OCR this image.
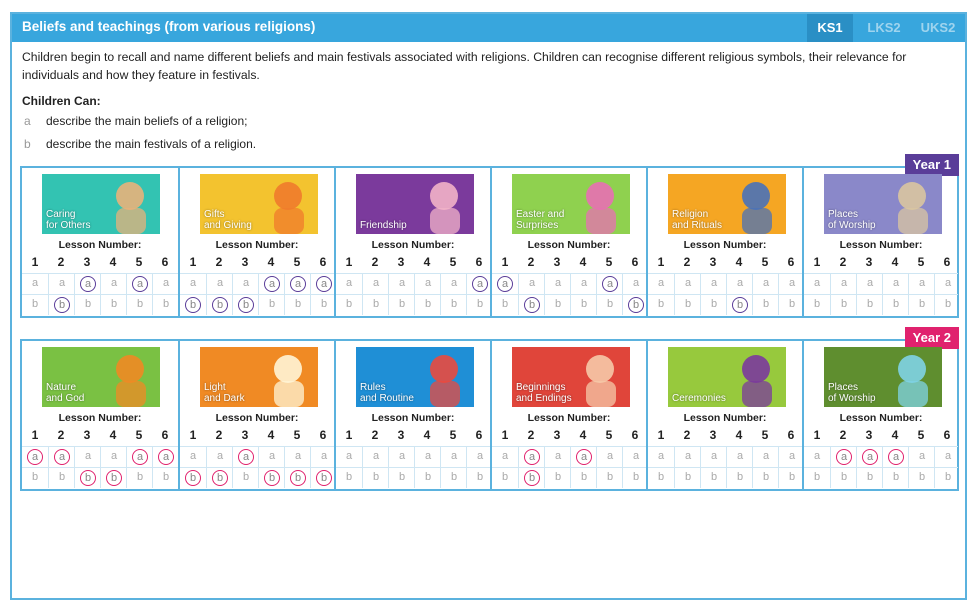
Beliefs and teachings (from various religions)	KS1	LKS2	UKS2
Children begin to recall and name different beliefs and main festivals associated with religions. Children can recognise different religious symbols, their relevance for individuals and how they feature in festivals.
Children Can:
a describe the main beliefs of a religion;
b describe the main festivals of a religion.
Year 1
Caring
for Others
Lesson Number:
1	2	3	4	5	6
a	a	a	a	a	a
b	b	b	b	b	b
Gifts
and Giving
Lesson Number:
1	2	3	4	5	6
a	a	a	a	a	a
b	b	b	b	b	b
Friendship
Lesson Number:
1	2	3	4	5	6
a	a	a	a	a	a
b	b	b	b	b	b
Easter and
Surprises
Lesson Number:
1	2	3	4	5	6
a	a	a	a	a	a
b	b	b	b	b	b
Religion
and Rituals
Lesson Number:
1	2	3	4	5	6
a	a	a	a	a	a
b	b	b	b	b	b
Places
of Worship
Lesson Number:
1	2	3	4	5	6
a	a	a	a	a	a
b	b	b	b	b	b
Year 2
Nature
and God
Lesson Number:
1	2	3	4	5	6
a	a	a	a	a	a
b	b	b	b	b	b
Light
and Dark
Lesson Number:
1	2	3	4	5	6
a	a	a	a	a	a
b	b	b	b	b	b
Rules
and Routine
Lesson Number:
1	2	3	4	5	6
a	a	a	a	a	a
b	b	b	b	b	b
Beginnings
and Endings
Lesson Number:
1	2	3	4	5	6
a	a	a	a	a	a
b	b	b	b	b	b
Ceremonies
Lesson Number:
1	2	3	4	5	6
a	a	a	a	a	a
b	b	b	b	b	b
Places
of Worship
Lesson Number:
1	2	3	4	5	6
a	a	a	a	a	a
b	b	b	b	b	b
